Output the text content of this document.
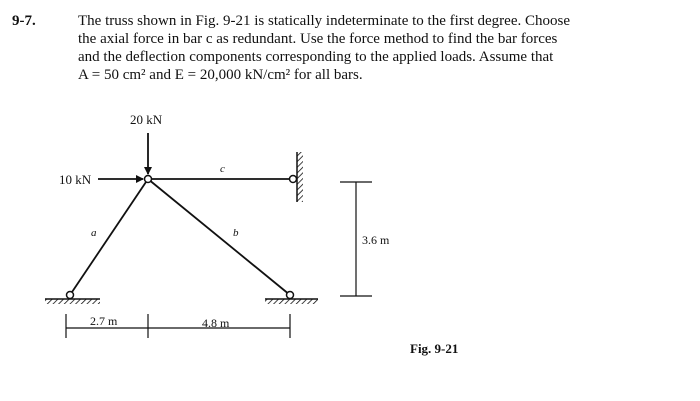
9-7.	The truss shown in Fig. 9-21 is statically indeterminate to the first degree. Choose
the axial force in bar c as redundant. Use the force method to find the bar forces
and the deflection components corresponding to the applied loads. Assume that
A = 50 cm² and E = 20,000 kN/cm² for all bars.
20 kN
10 kN
a	b
c
3.6 m
2.7 m	4.8 m
Fig. 9-21
